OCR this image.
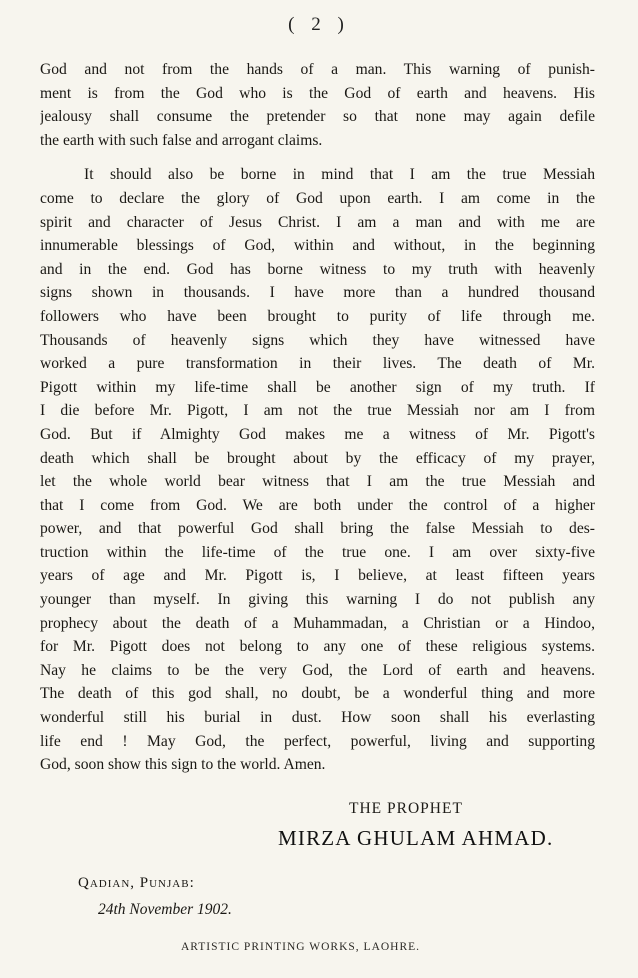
( 2 )
God and not from the hands of a man. This warning of punish-
ment is from the God who is the God of earth and heavens. His
jealousy shall consume the pretender so that none may again defile
the earth with such false and arrogant claims.
It should also be borne in mind that I am the true Messiah
come to declare the glory of God upon earth. I am come in the
spirit and character of Jesus Christ. I am a man and with me are
innumerable blessings of God, within and without, in the beginning
and in the end. God has borne witness to my truth with heavenly
signs shown in thousands. I have more than a hundred thousand
followers who have been brought to purity of life through me.
Thousands of heavenly signs which they have witnessed have
worked a pure transformation in their lives. The death of Mr.
Pigott within my life-time shall be another sign of my truth. If
I die before Mr. Pigott, I am not the true Messiah nor am I from
God. But if Almighty God makes me a witness of Mr. Pigott's
death which shall be brought about by the efficacy of my prayer,
let the whole world bear witness that I am the true Messiah and
that I come from God. We are both under the control of a higher
power, and that powerful God shall bring the false Messiah to des-
truction within the life-time of the true one. I am over sixty-five
years of age and Mr. Pigott is, I believe, at least fifteen years
younger than myself. In giving this warning I do not publish any
prophecy about the death of a Muhammadan, a Christian or a Hindoo,
for Mr. Pigott does not belong to any one of these religious systems.
Nay he claims to be the very God, the Lord of earth and heavens.
The death of this god shall, no doubt, be a wonderful thing and more
wonderful still his burial in dust. How soon shall his everlasting
life end ! May God, the perfect, powerful, living and supporting
God, soon show this sign to the world. Amen.
THE PROPHET
MIRZA GHULAM AHMAD.
Qadian, Punjab:
24th November 1902.
ARTISTIC PRINTING WORKS, LAOHRE.
